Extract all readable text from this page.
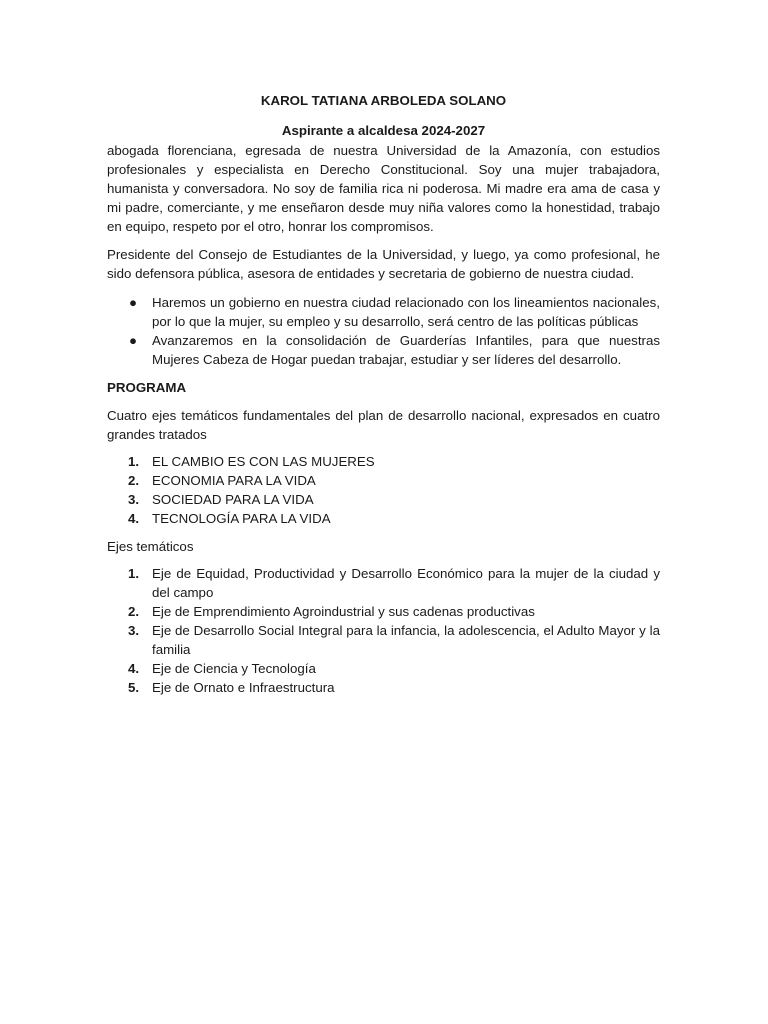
KAROL TATIANA ARBOLEDA SOLANO
Aspirante a alcaldesa 2024-2027

abogada florenciana, egresada de nuestra Universidad de la Amazonía, con estudios profesionales y especialista en Derecho Constitucional. Soy una mujer trabajadora, humanista y conversadora. No soy de familia rica ni poderosa. Mi madre era ama de casa y mi padre, comerciante, y me enseñaron desde muy niña valores como la honestidad, trabajo en equipo, respeto por el otro, honrar los compromisos.

Presidente del Consejo de Estudiantes de la Universidad, y luego, ya como profesional, he sido defensora pública, asesora de entidades y secretaria de gobierno de nuestra ciudad.

● Haremos un gobierno en nuestra ciudad relacionado con los lineamientos nacionales, por lo que la mujer, su empleo y su desarrollo, será centro de las políticas públicas
● Avanzaremos en la consolidación de Guarderías Infantiles, para que nuestras Mujeres Cabeza de Hogar puedan trabajar, estudiar y ser líderes del desarrollo.

PROGRAMA

Cuatro ejes temáticos fundamentales del plan de desarrollo nacional, expresados en cuatro grandes tratados

1. EL CAMBIO ES CON LAS MUJERES
2. ECONOMIA PARA LA VIDA
3. SOCIEDAD PARA LA VIDA
4. TECNOLOGÍA PARA LA VIDA

Ejes temáticos

1. Eje de Equidad, Productividad y Desarrollo Económico para la mujer de la ciudad y del campo
2. Eje de Emprendimiento Agroindustrial y sus cadenas productivas
3. Eje de Desarrollo Social Integral para la infancia, la adolescencia, el Adulto Mayor y la familia
4. Eje de Ciencia y Tecnología
5. Eje de Ornato e Infraestructura
